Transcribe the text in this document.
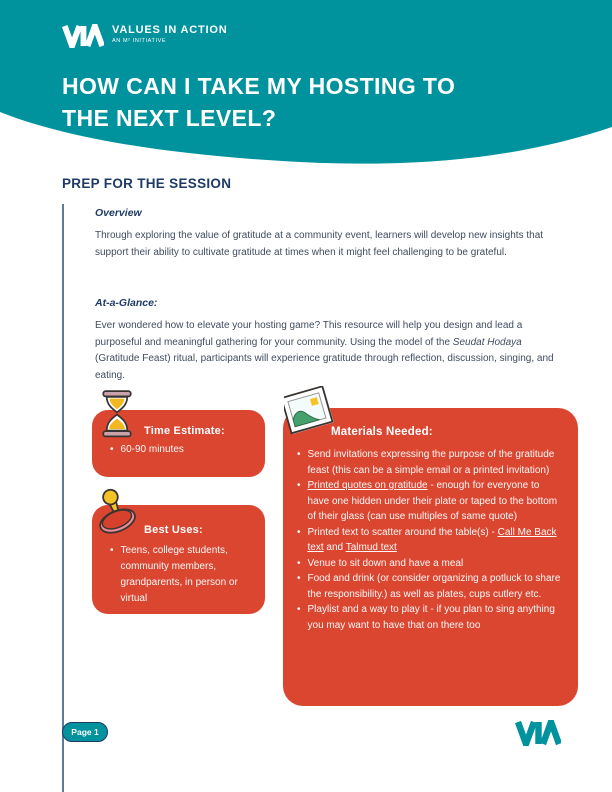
VALUES IN ACTION
AN M² INITIATIVE
HOW CAN I TAKE MY HOSTING TO
THE NEXT LEVEL?
PREP FOR THE SESSION
Overview

Through exploring the value of gratitude at a community event, learners will develop new insights that support their ability to cultivate gratitude at times when it might feel challenging to be grateful.

At-a-Glance:

Ever wondered how to elevate your hosting game? This resource will help you design and lead a purposeful and meaningful gathering for your community. Using the model of the Seudat Hodaya (Gratitude Feast) ritual, participants will experience gratitude through reflection, discussion, singing, and eating.

Time Estimate:
• 60-90 minutes
Best Uses:
• Teens, college students, community members, grandparents, in person or virtual
Materials Needed:
• Send invitations expressing the purpose of the gratitude feast (this can be a simple email or a printed invitation)
• Printed quotes on gratitude - enough for everyone to have one hidden under their plate or taped to the bottom of their glass (can use multiples of same quote)
• Printed text to scatter around the table(s) - Call Me Back text and Talmud text
• Venue to sit down and have a meal
• Food and drink (or consider organizing a potluck to share the responsibility.) as well as plates, cups cutlery etc.
• Playlist and a way to play it - if you plan to sing anything you may want to have that on there too
Page 1
